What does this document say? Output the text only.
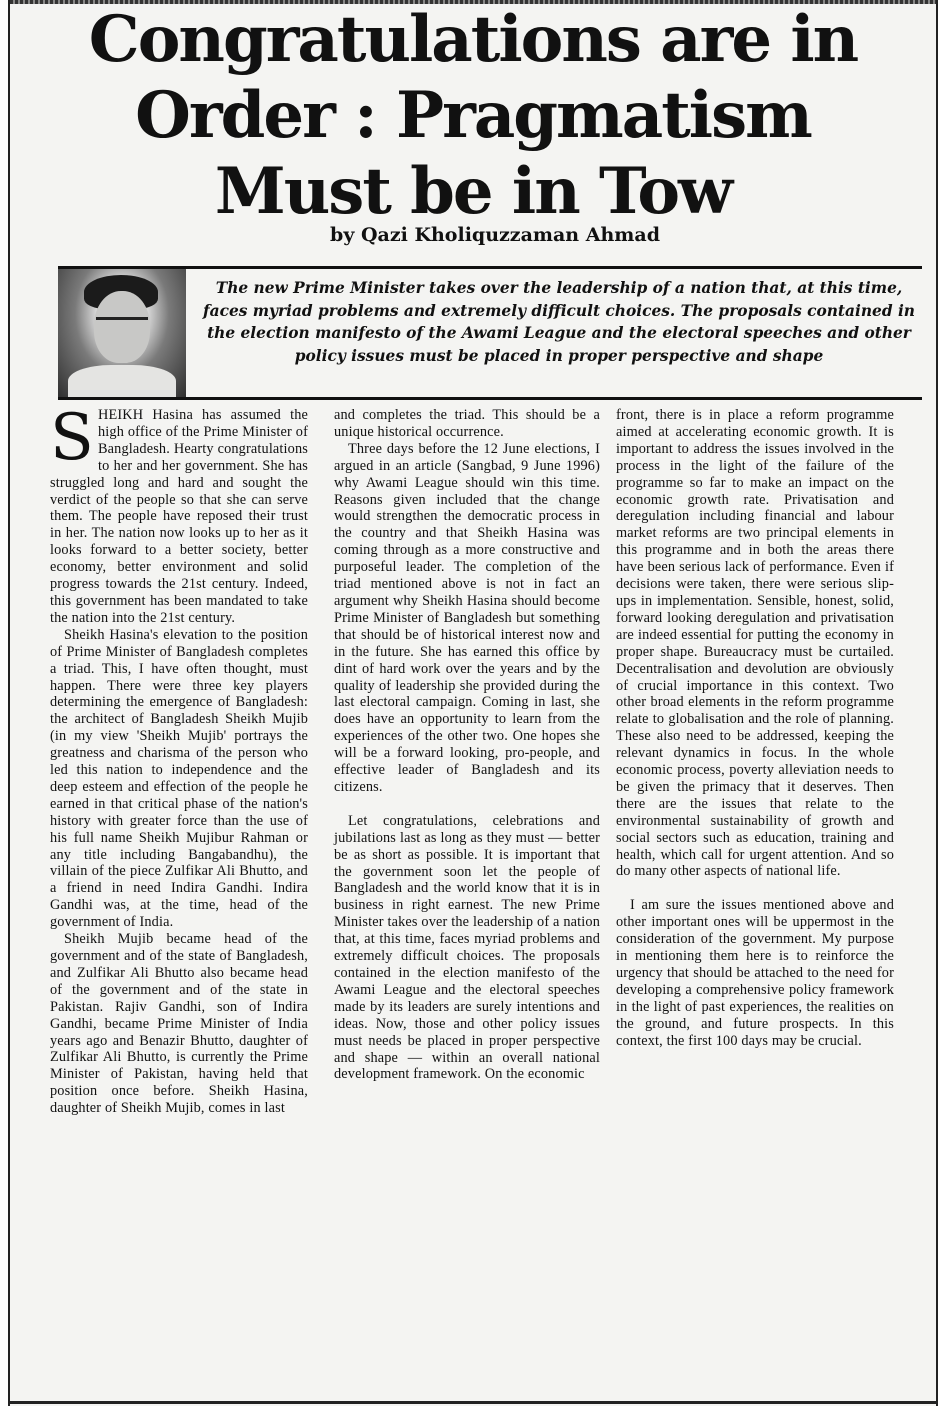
Congratulations are in
Order : Pragmatism
Must be in Tow

by Qazi Kholiquzzaman Ahmad

The new Prime Minister takes over the leadership of a nation that, at this time, faces myriad problems and extremely difficult choices. The proposals contained in the election manifesto of the Awami League and the electoral speeches and other policy issues must be placed in proper perspective and shape

SHEIKH Hasina has assumed the high office of the Prime Minister of Bangladesh. Hearty congratulations to her and her government. She has struggled long and hard and sought the verdict of the people so that she can serve them. The people have reposed their trust in her. The nation now looks up to her as it looks forward to a better society, better economy, better environment and solid progress towards the 21st century. Indeed, this government has been mandated to take the nation into the 21st century.

Sheikh Hasina's elevation to the position of Prime Minister of Bangladesh completes a triad. This, I have often thought, must happen. There were three key players determining the emergence of Bangladesh: the architect of Bangladesh Sheikh Mujib (in my view 'Sheikh Mujib' portrays the greatness and charisma of the person who led this nation to independence and the deep esteem and effection of the people he earned in that critical phase of the nation's history with greater force than the use of his full name Sheikh Mujibur Rahman or any title including Bangabandhu), the villain of the piece Zulfikar Ali Bhutto, and a friend in need Indira Gandhi. Indira Gandhi was, at the time, head of the government of India.

Sheikh Mujib became head of the government and of the state of Bangladesh, and Zulfikar Ali Bhutto also became head of the government and of the state in Pakistan. Rajiv Gandhi, son of Indira Gandhi, became Prime Minister of India years ago and Benazir Bhutto, daughter of Zulfikar Ali Bhutto, is currently the Prime Minister of Pakistan, having held that position once before. Sheikh Hasina, daughter of Sheikh Mujib, comes in last

and completes the triad. This should be a unique historical occurrence.

Three days before the 12 June elections, I argued in an article (Sangbad, 9 June 1996) why Awami League should win this time. Reasons given included that the change would strengthen the democratic process in the country and that Sheikh Hasina was coming through as a more constructive and purposeful leader. The completion of the triad mentioned above is not in fact an argument why Sheikh Hasina should become Prime Minister of Bangladesh but something that should be of historical interest now and in the future. She has earned this office by dint of hard work over the years and by the quality of leadership she provided during the last electoral campaign. Coming in last, she does have an opportunity to learn from the experiences of the other two. One hopes she will be a forward looking, pro-people, and effective leader of Bangladesh and its citizens.

Let congratulations, celebrations and jubilations last as long as they must — better be as short as possible. It is important that the government soon let the people of Bangladesh and the world know that it is in business in right earnest. The new Prime Minister takes over the leadership of a nation that, at this time, faces myriad problems and extremely difficult choices. The proposals contained in the election manifesto of the Awami League and the electoral speeches made by its leaders are surely intentions and ideas. Now, those and other policy issues must needs be placed in proper perspective and shape — within an overall national development framework. On the economic

front, there is in place a reform programme aimed at accelerating economic growth. It is important to address the issues involved in the process in the light of the failure of the programme so far to make an impact on the economic growth rate. Privatisation and deregulation including financial and labour market reforms are two principal elements in this programme and in both the areas there have been serious lack of performance. Even if decisions were taken, there were serious slip-ups in implementation. Sensible, honest, solid, forward looking deregulation and privatisation are indeed essential for putting the economy in proper shape. Bureaucracy must be curtailed. Decentralisation and devolution are obviously of crucial importance in this context. Two other broad elements in the reform programme relate to globalisation and the role of planning. These also need to be addressed, keeping the relevant dynamics in focus. In the whole economic process, poverty alleviation needs to be given the primacy that it deserves. Then there are the issues that relate to the environmental sustainability of growth and social sectors such as education, training and health, which call for urgent attention. And so do many other aspects of national life.

I am sure the issues mentioned above and other important ones will be uppermost in the consideration of the government. My purpose in mentioning them here is to reinforce the urgency that should be attached to the need for developing a comprehensive policy framework in the light of past experiences, the realities on the ground, and future prospects. In this context, the first 100 days may be crucial.
